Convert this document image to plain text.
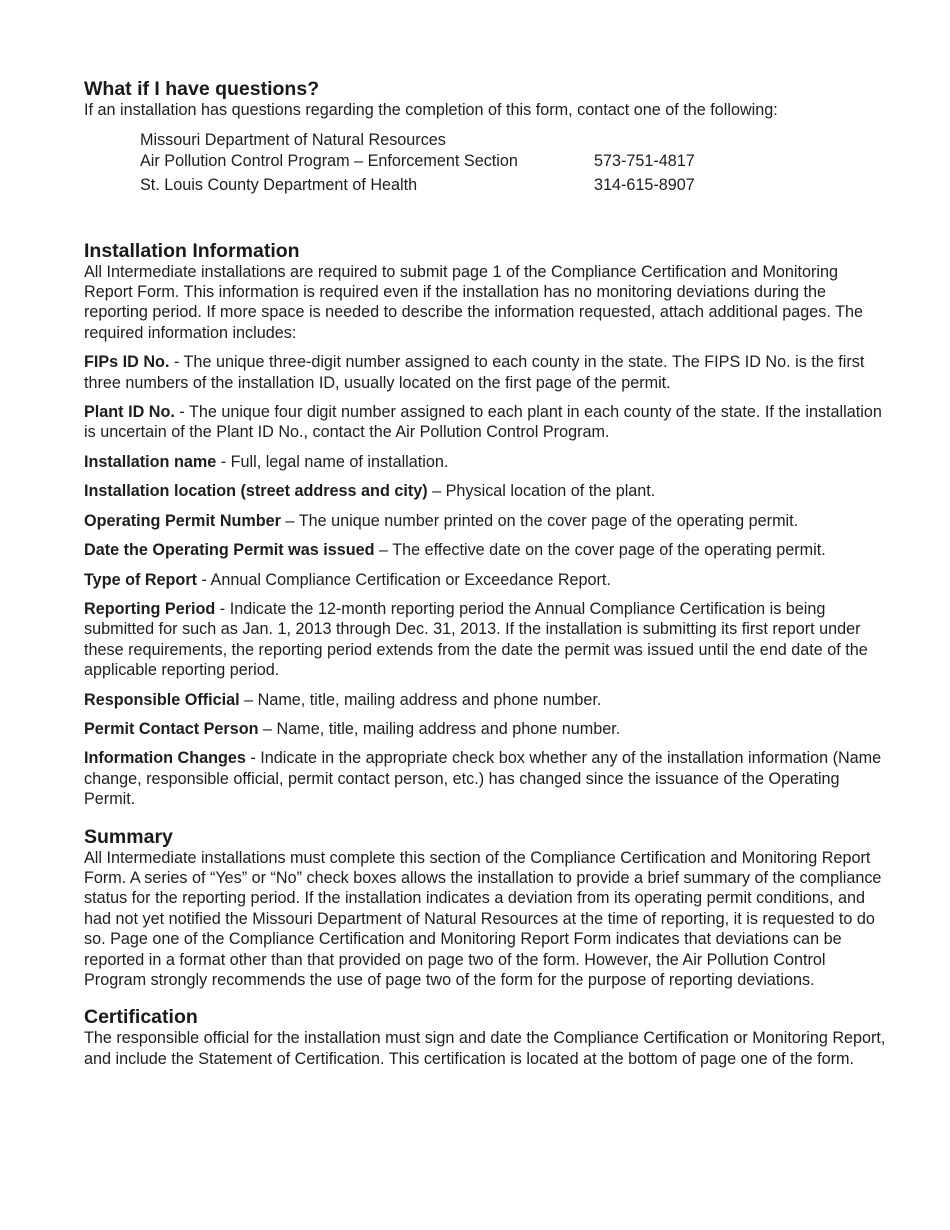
What if I have questions?

If an installation has questions regarding the completion of this form, contact one of the following:

Missouri Department of Natural Resources
Air Pollution Control Program – Enforcement Section	573-751-4817
St. Louis County Department of Health	314-615-8907
Installation Information

All Intermediate installations are required to submit page 1 of the Compliance Certification and Monitoring Report Form. This information is required even if the installation has no monitoring deviations during the reporting period. If more space is needed to describe the information requested, attach additional pages. The required information includes:

FIPs ID No. - The unique three-digit number assigned to each county in the state. The FIPS ID No. is the first three numbers of the installation ID, usually located on the first page of the permit.

Plant ID No. - The unique four digit number assigned to each plant in each county of the state. If the installation is uncertain of the Plant ID No., contact the Air Pollution Control Program.

Installation name - Full, legal name of installation.

Installation location (street address and city) – Physical location of the plant.

Operating Permit Number – The unique number printed on the cover page of the operating permit.

Date the Operating Permit was issued – The effective date on the cover page of the operating permit.

Type of Report - Annual Compliance Certification or Exceedance Report.

Reporting Period - Indicate the 12-month reporting period the Annual Compliance Certification is being submitted for such as Jan. 1, 2013 through Dec. 31, 2013. If the installation is submitting its first report under these requirements, the reporting period extends from the date the permit was issued until the end date of the applicable reporting period.

Responsible Official – Name, title, mailing address and phone number.

Permit Contact Person – Name, title, mailing address and phone number.

Information Changes - Indicate in the appropriate check box whether any of the installation information (Name change, responsible official, permit contact person, etc.) has changed since the issuance of the Operating Permit.

Summary

All Intermediate installations must complete this section of the Compliance Certification and Monitoring Report Form. A series of “Yes” or “No” check boxes allows the installation to provide a brief summary of the compliance status for the reporting period. If the installation indicates a deviation from its operating permit conditions, and had not yet notified the Missouri Department of Natural Resources at the time of reporting, it is requested to do so. Page one of the Compliance Certification and Monitoring Report Form indicates that deviations can be reported in a format other than that provided on page two of the form. However, the Air Pollution Control Program strongly recommends the use of page two of the form for the purpose of reporting deviations.

Certification

The responsible official for the installation must sign and date the Compliance Certification or Monitoring Report, and include the Statement of Certification. This certification is located at the bottom of page one of the form.
